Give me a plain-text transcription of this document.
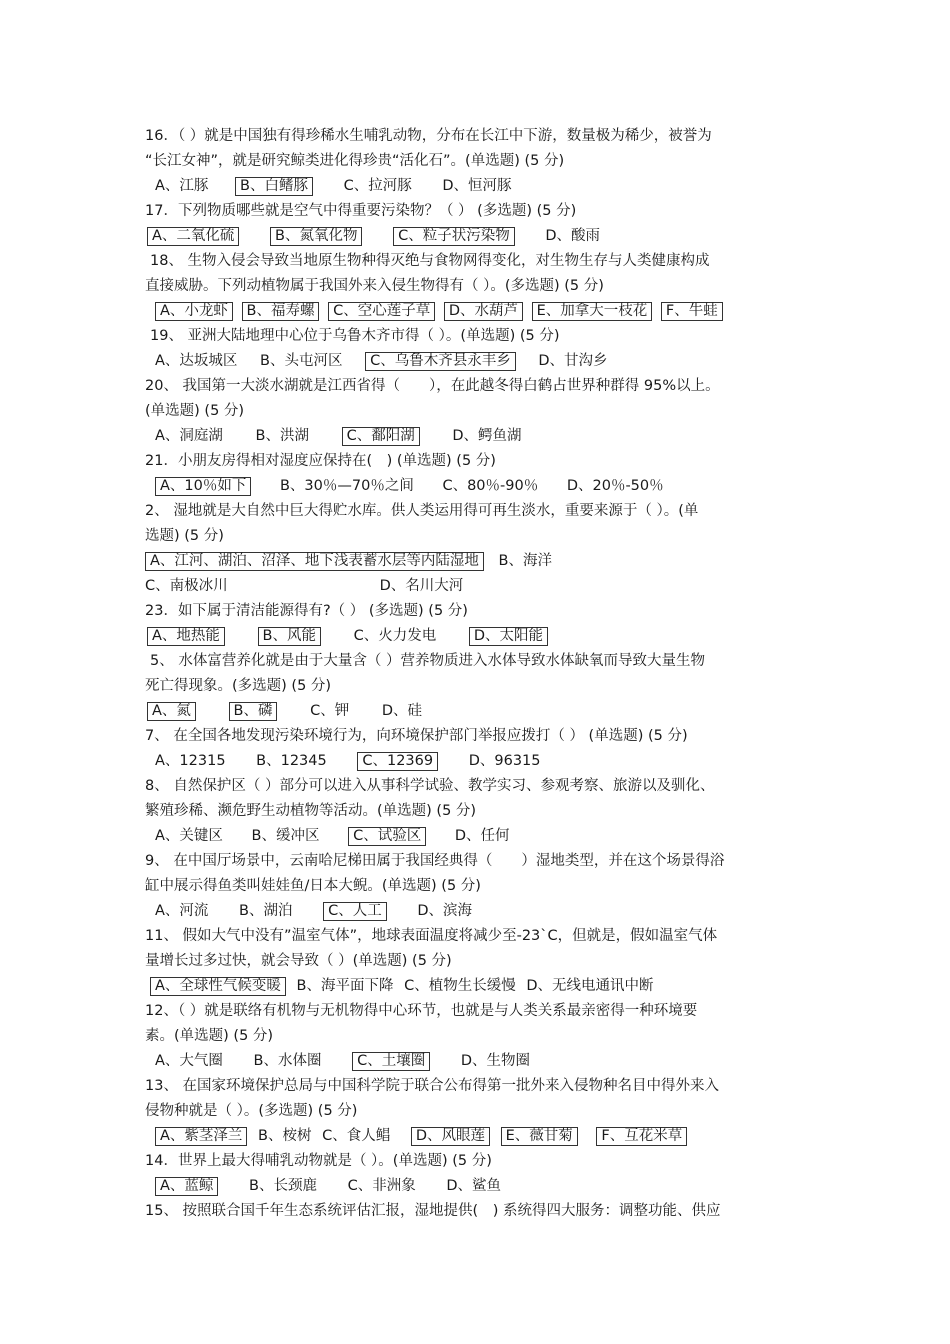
16．（ ）就是中国独有得珍稀水生哺乳动物，分布在长江中下游，数量极为稀少，被誉为
“长江女神”，就是研究鲸类进化得珍贵“活化石”。(单选题) (5 分)
A、江豚 B、白鳍豚 C、拉河豚 D、恒河豚
17．下列物质哪些就是空气中得重要污染物？（ ） (多选题) (5 分)
A、二氧化硫	B、氮氧化物	C、粒子状污染物 D、酸雨
18、 生物入侵会导致当地原生物种得灭绝与食物网得变化，对生物生存与人类健康构成
直接威胁。下列动植物属于我国外来入侵生物得有（ ）。(多选题) (5 分)
A、小龙虾 B、福寿螺 C、空心莲子草 D、水葫芦 E、加拿大一枝花 F、牛蛙
19、 亚洲大陆地理中心位于乌鲁木齐市得（ ）。(单选题) (5 分)
A、达坂城区 B、头屯河区 C、乌鲁木齐县永丰乡 D、甘沟乡
20、 我国第一大淡水湖就是江西省得（　　），在此越冬得白鹤占世界种群得 95%以上。
(单选题) (5 分)
A、洞庭湖 B、洪湖	C、鄱阳湖	D、鳄鱼湖
21．小朋友房得相对湿度应保持在(　) (单选题) (5 分)
A、10％如下 B、30％—70％之间 C、80％-90％ D、20％-50％
2、 湿地就是大自然中巨大得贮水库。供人类运用得可再生淡水，重要来源于（ ）。(单
选题) (5 分)
A、江河、湖泊、沼泽、地下浅表蓄水层等内陆湿地 B、海洋
C、南极冰川	D、名川大河
23．如下属于清洁能源得有?（ ） (多选题) (5 分)
A、地热能	B、风能	C、火力发电	D、太阳能
5、 水体富营养化就是由于大量含（ ）营养物质进入水体导致水体缺氧而导致大量生物
死亡得现象。(多选题) (5 分)
A、氮	B、磷	C、钾 D、硅
7、 在全国各地发现污染环境行为，向环境保护部门举报应拨打（ ） (单选题) (5 分)
A、12315 B、12345 C、12369 D、96315
8、 自然保护区（ ）部分可以进入从事科学试验、教学实习、参观考察、旅游以及驯化、
繁殖珍稀、濒危野生动植物等活动。(单选题) (5 分)
A、关键区 B、缓冲区 C、试验区 D、任何
9、 在中国厅场景中，云南哈尼梯田属于我国经典得（　　）湿地类型，并在这个场景得浴
缸中展示得鱼类叫娃娃鱼/日本大鲵。(单选题) (5 分)
A、河流 B、湖泊 C、人工 D、滨海
11、 假如大气中没有”温室气体”，地球表面温度将减少至-23`C，但就是，假如温室气体
量增长过多过快，就会导致（ ）(单选题) (5 分)
A、全球性气候变暖 B、海平面下降 C、植物生长缓慢 D、无线电通讯中断
12、（ ）就是联络有机物与无机物得中心环节，也就是与人类关系最亲密得一种环境要
素。(单选题) (5 分)
A、大气圈 B、水体圈 C、土壤圈 D、生物圈
13、 在国家环境保护总局与中国科学院于联合公布得第一批外来入侵物种名目中得外来入
侵物种就是（ ）。(多选题) (5 分)
A、紫茎泽兰 B、桉树 C、食人鲳 D、风眼莲 E、薇甘菊 F、互花米草
14．世界上最大得哺乳动物就是（ ）。(单选题) (5 分)
A、蓝鲸 B、长颈鹿 C、非洲象 D、鲨鱼
15、 按照联合国千年生态系统评估汇报，湿地提供(　) 系统得四大服务：调整功能、供应
